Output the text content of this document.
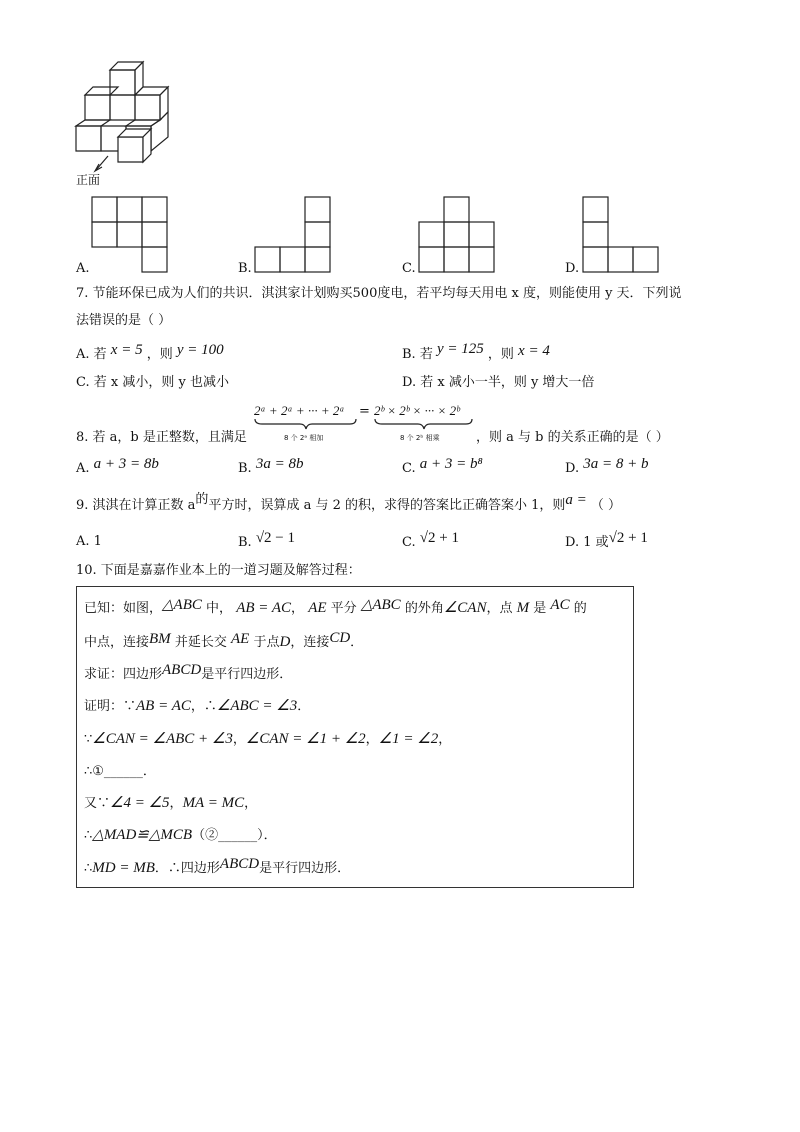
正面
A.	B.	C.	D.
7. 节能环保已成为人们的共识．淇淇家计划购买500度电，若平均每天用电 x 度，则能使用 y 天．下列说
法错误的是（ ）
A. 若 x = 5 ，则 y = 100	B. 若 y = 125 ，则 x = 4
C. 若 x 减小，则 y 也减小	D. 若 x 减小一半，则 y 增大一倍
8. 若 a，b 是正整数，且满足
2ᵃ + 2ᵃ + ··· + 2ᵃ = 2ᵇ × 2ᵇ × ··· × 2ᵇ
8 个 2ᵃ 相加	8 个 2ᵇ 相乘	，则 a 与 b 的关系正确的是（ ）
A. a + 3 = 8b	B. 3a = 8b	C. a + 3 = b⁸	D. 3a = 8 + b
9. 淇淇在计算正数 a的平方时，误算成 a 与 2 的积，求得的答案比正确答案小 1，则a = （ ）
A. 1	B. √2 − 1	C. √2 + 1	D. 1 或√2 + 1
10. 下面是嘉嘉作业本上的一道习题及解答过程：
已知：如图，△ABC 中， AB = AC， AE 平分 △ABC 的外角∠CAN，点 M 是 AC 的
中点，连接BM 并延长交 AE 于点D，连接CD．
求证：四边形ABCD是平行四边形．
证明：∵AB = AC，∴∠ABC = ∠3．
∵∠CAN = ∠ABC + ∠3，∠CAN = ∠1 + ∠2，∠1 = ∠2，
∴①______．
又∵∠4 = ∠5，MA = MC，
∴△MAD≌△MCB（②______）．
∴MD = MB．∴四边形ABCD是平行四边形．
